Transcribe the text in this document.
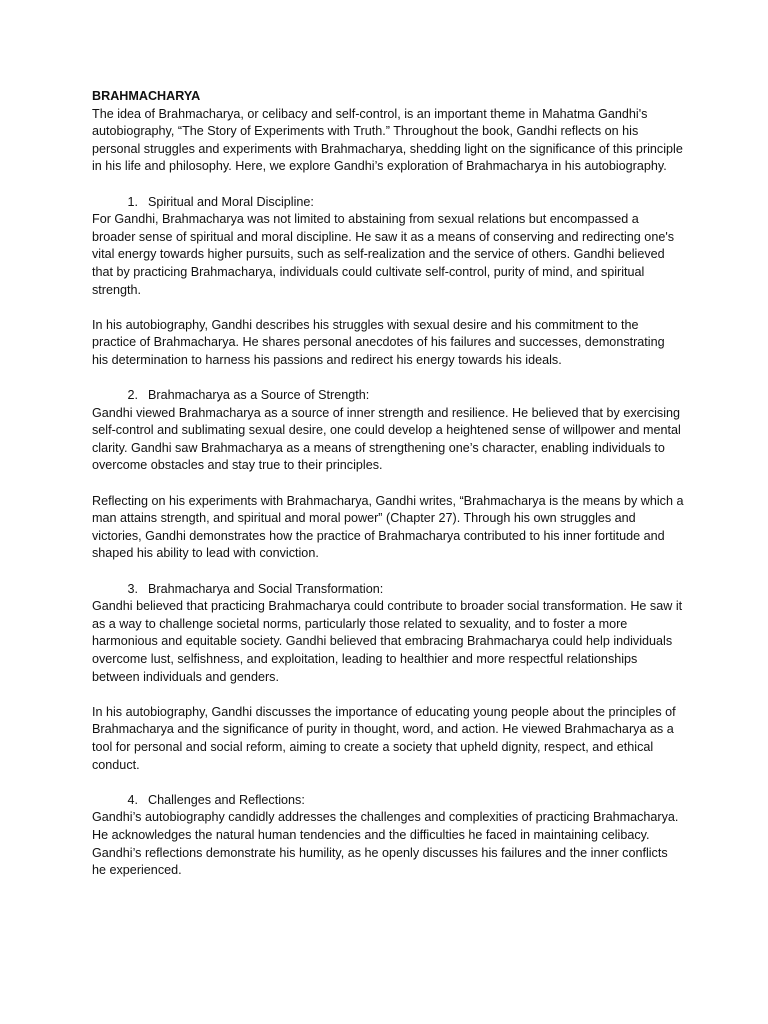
BRAHMACHARYA

The idea of Brahmacharya, or celibacy and self-control, is an important theme in Mahatma Gandhi's autobiography, “The Story of Experiments with Truth.” Throughout the book, Gandhi reflects on his personal struggles and experiments with Brahmacharya, shedding light on the significance of this principle in his life and philosophy. Here, we explore Gandhi’s exploration of Brahmacharya in his autobiography.

1. Spiritual and Moral Discipline:

For Gandhi, Brahmacharya was not limited to abstaining from sexual relations but encompassed a broader sense of spiritual and moral discipline. He saw it as a means of conserving and redirecting one's vital energy towards higher pursuits, such as self-realization and the service of others. Gandhi believed that by practicing Brahmacharya, individuals could cultivate self-control, purity of mind, and spiritual strength.

In his autobiography, Gandhi describes his struggles with sexual desire and his commitment to the practice of Brahmacharya. He shares personal anecdotes of his failures and successes, demonstrating his determination to harness his passions and redirect his energy towards his ideals.

2. Brahmacharya as a Source of Strength:

Gandhi viewed Brahmacharya as a source of inner strength and resilience. He believed that by exercising self-control and sublimating sexual desire, one could develop a heightened sense of willpower and mental clarity. Gandhi saw Brahmacharya as a means of strengthening one’s character, enabling individuals to overcome obstacles and stay true to their principles.

Reflecting on his experiments with Brahmacharya, Gandhi writes, “Brahmacharya is the means by which a man attains strength, and spiritual and moral power” (Chapter 27). Through his own struggles and victories, Gandhi demonstrates how the practice of Brahmacharya contributed to his inner fortitude and shaped his ability to lead with conviction.

3. Brahmacharya and Social Transformation:

Gandhi believed that practicing Brahmacharya could contribute to broader social transformation. He saw it as a way to challenge societal norms, particularly those related to sexuality, and to foster a more harmonious and equitable society. Gandhi believed that embracing Brahmacharya could help individuals overcome lust, selfishness, and exploitation, leading to healthier and more respectful relationships between individuals and genders.

In his autobiography, Gandhi discusses the importance of educating young people about the principles of Brahmacharya and the significance of purity in thought, word, and action. He viewed Brahmacharya as a tool for personal and social reform, aiming to create a society that upheld dignity, respect, and ethical conduct.

4. Challenges and Reflections:

Gandhi’s autobiography candidly addresses the challenges and complexities of practicing Brahmacharya. He acknowledges the natural human tendencies and the difficulties he faced in maintaining celibacy. Gandhi’s reflections demonstrate his humility, as he openly discusses his failures and the inner conflicts he experienced.
